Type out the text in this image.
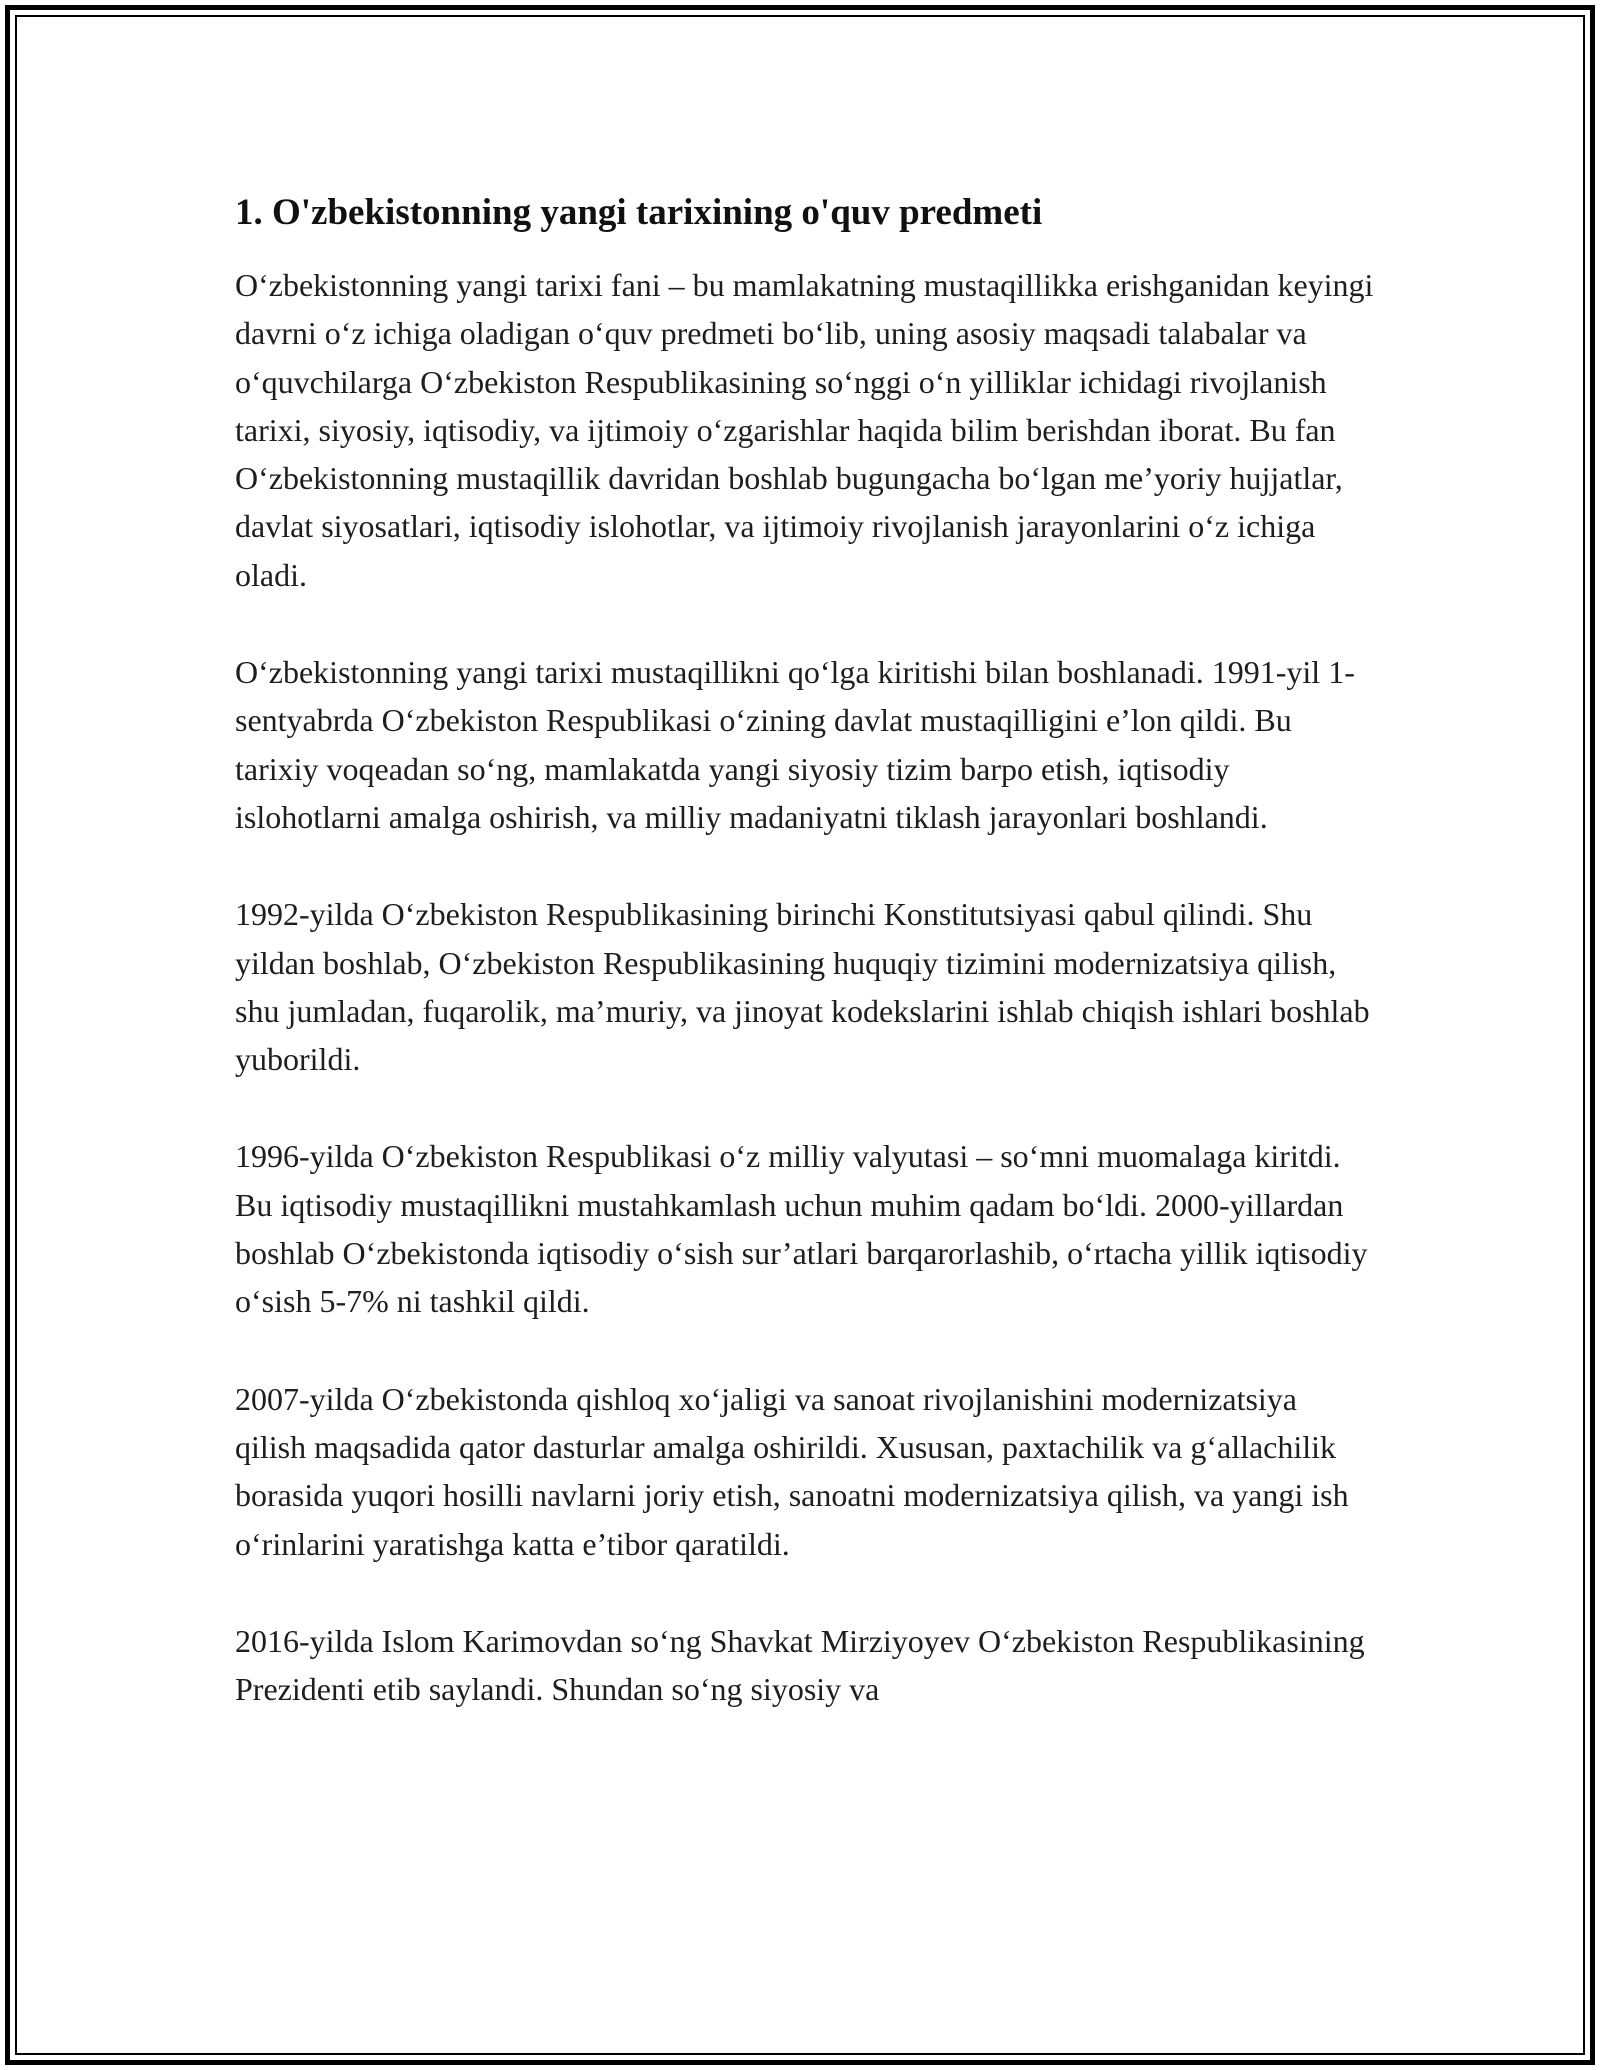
1. O'zbekistonning yangi tarixining o'quv predmeti

O‘zbekistonning yangi tarixi fani – bu mamlakatning mustaqillikka erishganidan keyingi davrni o‘z ichiga oladigan o‘quv predmeti bo‘lib, uning asosiy maqsadi talabalar va o‘quvchilarga O‘zbekiston Respublikasining so‘nggi o‘n yilliklar ichidagi rivojlanish tarixi, siyosiy, iqtisodiy, va ijtimoiy o‘zgarishlar haqida bilim berishdan iborat. Bu fan O‘zbekistonning mustaqillik davridan boshlab bugungacha bo‘lgan me’yoriy hujjatlar, davlat siyosatlari, iqtisodiy islohotlar, va ijtimoiy rivojlanish jarayonlarini o‘z ichiga oladi.

O‘zbekistonning yangi tarixi mustaqillikni qo‘lga kiritishi bilan boshlanadi. 1991-yil 1-sentyabrda O‘zbekiston Respublikasi o‘zining davlat mustaqilligini e’lon qildi. Bu tarixiy voqeadan so‘ng, mamlakatda yangi siyosiy tizim barpo etish, iqtisodiy islohotlarni amalga oshirish, va milliy madaniyatni tiklash jarayonlari boshlandi.

1992-yilda O‘zbekiston Respublikasining birinchi Konstitutsiyasi qabul qilindi. Shu yildan boshlab, O‘zbekiston Respublikasining huquqiy tizimini modernizatsiya qilish, shu jumladan, fuqarolik, ma’muriy, va jinoyat kodekslarini ishlab chiqish ishlari boshlab yuborildi.

1996-yilda O‘zbekiston Respublikasi o‘z milliy valyutasi – so‘mni muomalaga kiritdi. Bu iqtisodiy mustaqillikni mustahkamlash uchun muhim qadam bo‘ldi. 2000-yillardan boshlab O‘zbekistonda iqtisodiy o‘sish sur’atlari barqarorlashib, o‘rtacha yillik iqtisodiy o‘sish 5-7% ni tashkil qildi.

2007-yilda O‘zbekistonda qishloq xo‘jaligi va sanoat rivojlanishini modernizatsiya qilish maqsadida qator dasturlar amalga oshirildi. Xususan, paxtachilik va g‘allachilik borasida yuqori hosilli navlarni joriy etish, sanoatni modernizatsiya qilish, va yangi ish o‘rinlarini yaratishga katta e’tibor qaratildi.

2016-yilda Islom Karimovdan so‘ng Shavkat Mirziyoyev O‘zbekiston Respublikasining Prezidenti etib saylandi. Shundan so‘ng siyosiy va
